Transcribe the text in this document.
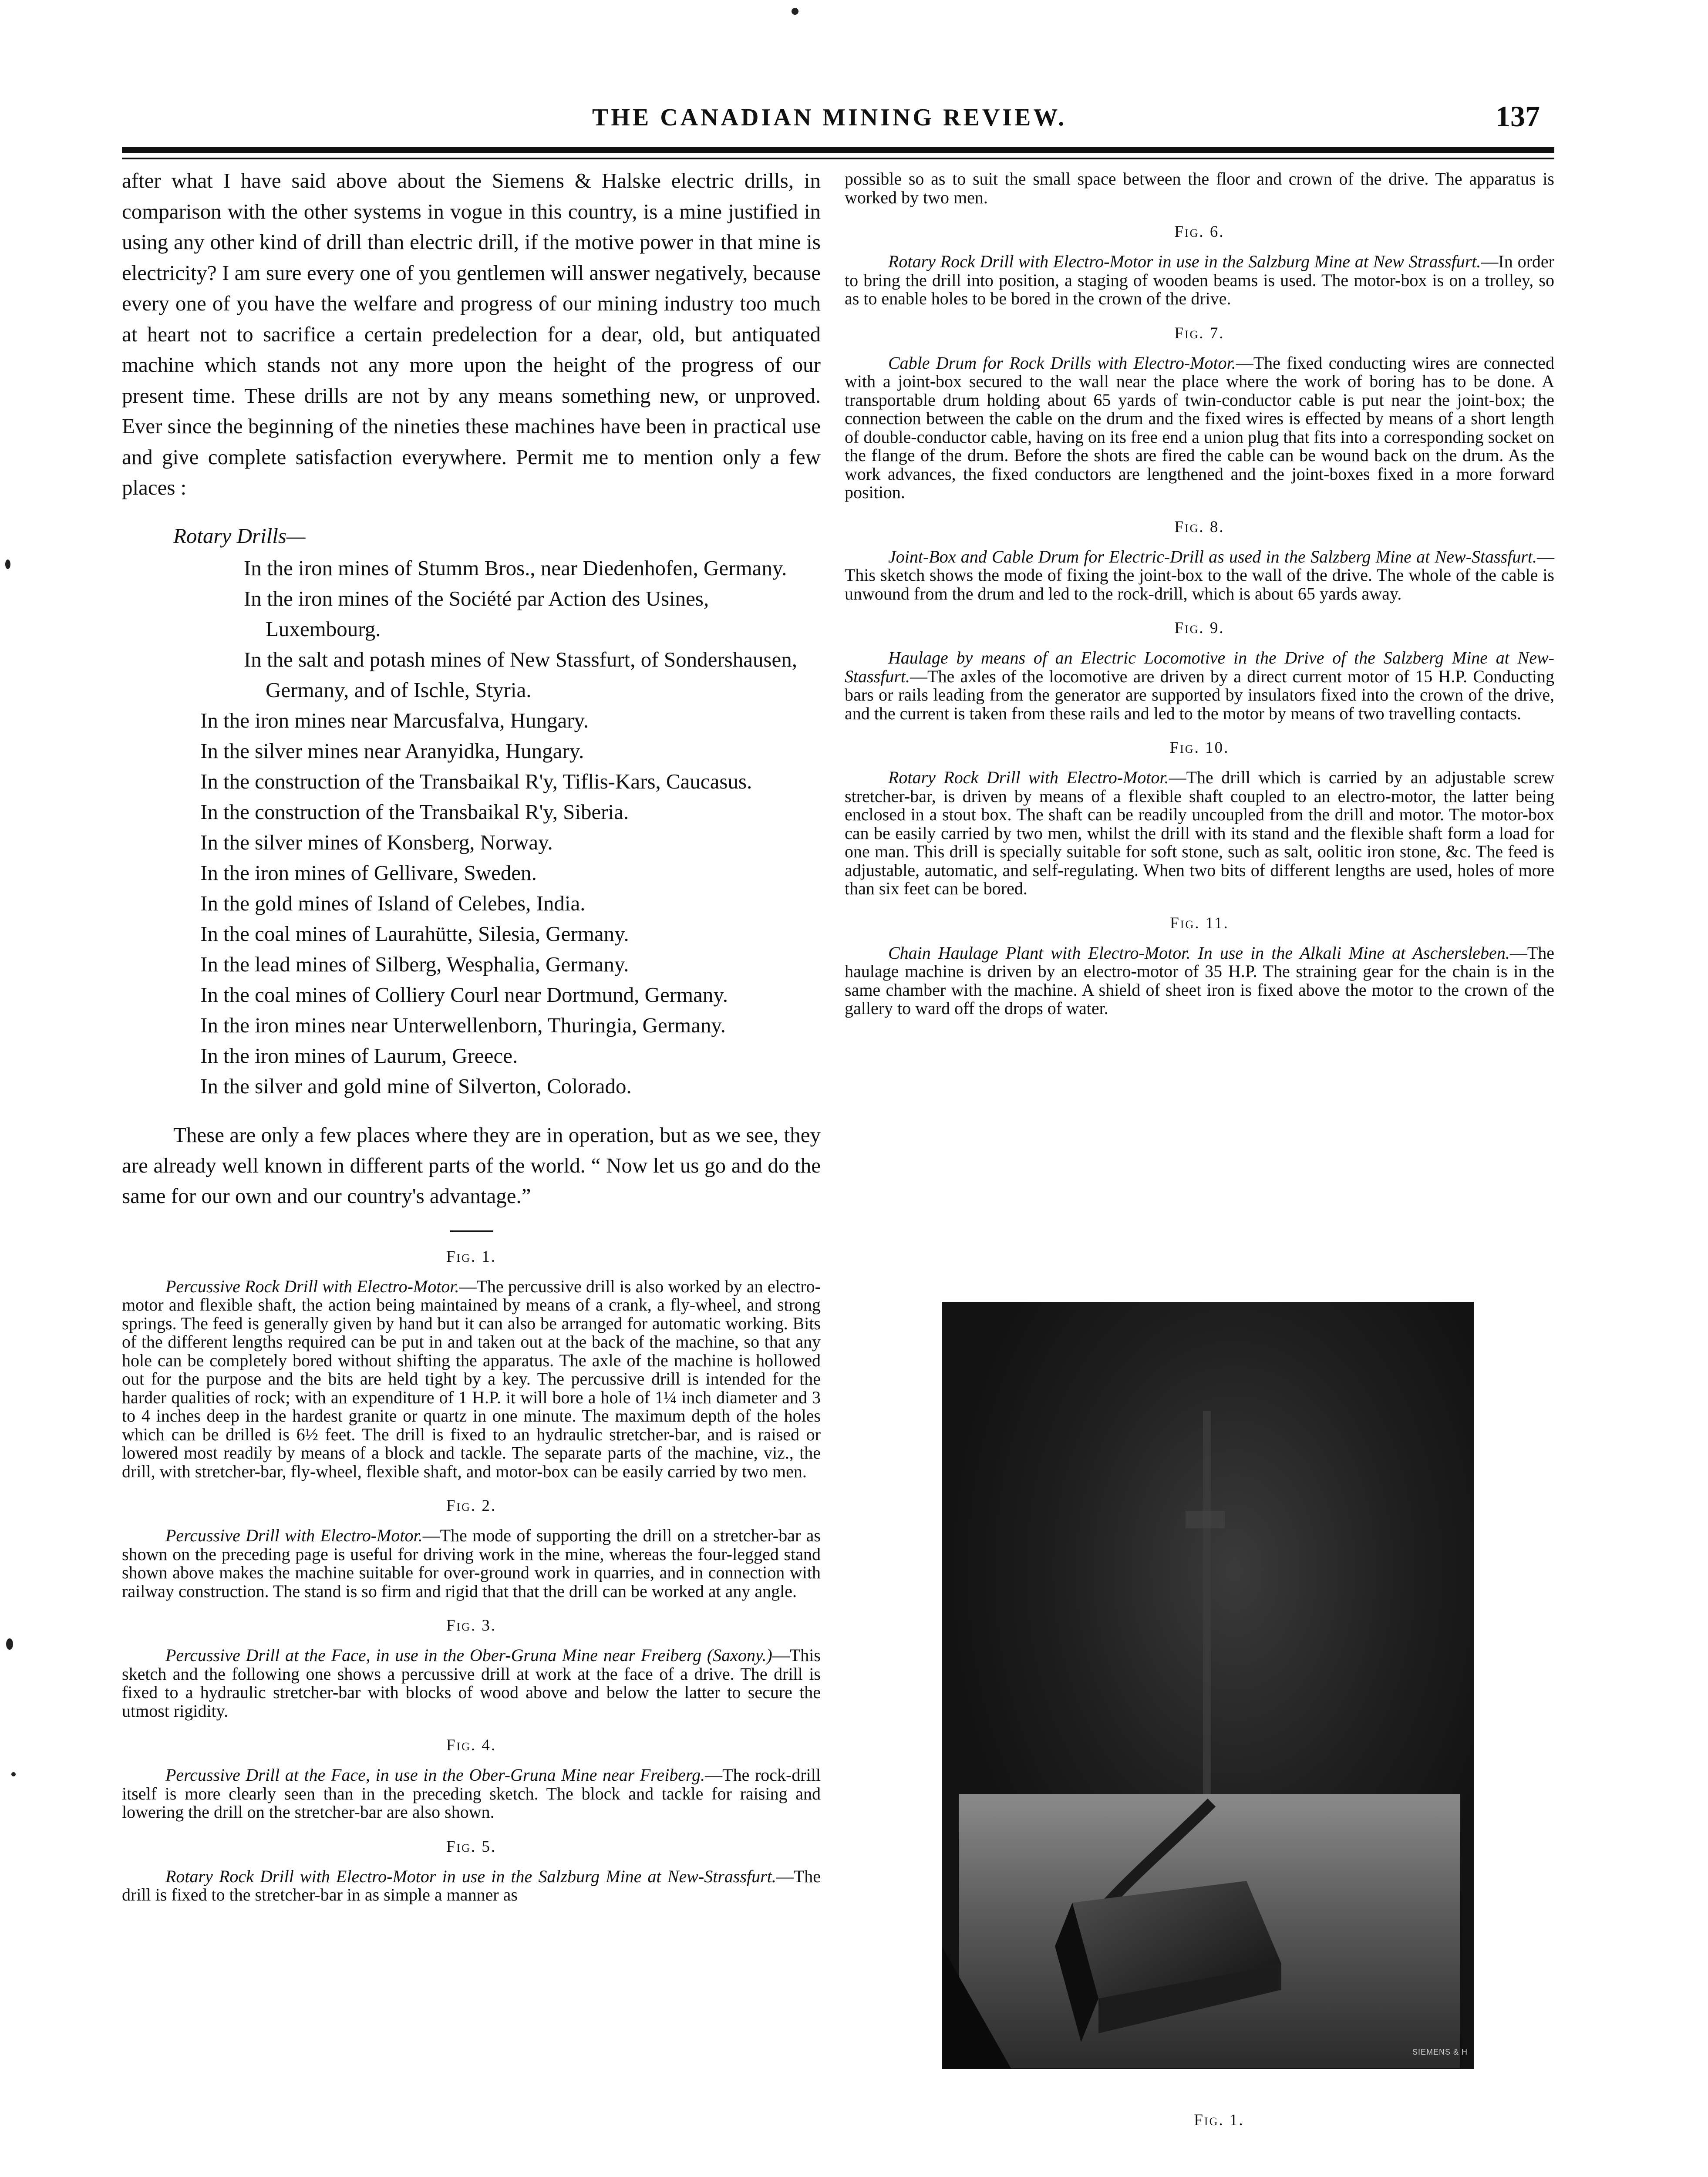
THE CANADIAN MINING REVIEW.	137

after what I have said above about the Siemens & Halske electric drills, in comparison with the other systems in vogue in this country, is a mine justified in using any other kind of drill than electric drill, if the motive power in that mine is electricity? I am sure every one of you gentlemen will answer negatively, because every one of you have the welfare and progress of our mining industry too much at heart not to sacrifice a certain predelection for a dear, old, but antiquated machine which stands not any more upon the height of the progress of our present time. These drills are not by any means something new, or unproved. Ever since the beginning of the nineties these machines have been in practical use and give complete satisfaction everywhere. Permit me to mention only a few places :

Rotary Drills—
In the iron mines of Stumm Bros., near Diedenhofen, Germany.
In the iron mines of the Société par Action des Usines, Luxembourg.
In the salt and potash mines of New Stassfurt, of Sondershausen, Germany, and of Ischle, Styria.
In the iron mines near Marcusfalva, Hungary.
In the silver mines near Aranyidka, Hungary.
In the construction of the Transbaikal R'y, Tiflis-Kars, Caucasus.
In the construction of the Transbaikal R'y, Siberia.
In the silver mines of Konsberg, Norway.
In the iron mines of Gellivare, Sweden.
In the gold mines of Island of Celebes, India.
In the coal mines of Laurahütte, Silesia, Germany.
In the lead mines of Silberg, Wesphalia, Germany.
In the coal mines of Colliery Courl near Dortmund, Germany.
In the iron mines near Unterwellenborn, Thuringia, Germany.
In the iron mines of Laurum, Greece.
In the silver and gold mine of Silverton, Colorado.

These are only a few places where they are in operation, but as we see, they are already well known in different parts of the world. “ Now let us go and do the same for our own and our country's advantage.”

Fig. 1.

Percussive Rock Drill with Electro-Motor.—The percussive drill is also worked by an electro-motor and flexible shaft, the action being maintained by means of a crank, a fly-wheel, and strong springs. The feed is generally given by hand but it can also be arranged for automatic working. Bits of the different lengths required can be put in and taken out at the back of the machine, so that any hole can be completely bored without shifting the apparatus. The axle of the machine is hollowed out for the purpose and the bits are held tight by a key. The percussive drill is intended for the harder qualities of rock; with an expenditure of 1 H.P. it will bore a hole of 1¼ inch diameter and 3 to 4 inches deep in the hardest granite or quartz in one minute. The maximum depth of the holes which can be drilled is 6½ feet. The drill is fixed to an hydraulic stretcher-bar, and is raised or lowered most readily by means of a block and tackle. The separate parts of the machine, viz., the drill, with stretcher-bar, fly-wheel, flexible shaft, and motor-box can be easily carried by two men.

Fig. 2.

Percussive Drill with Electro-Motor.—The mode of supporting the drill on a stretcher-bar as shown on the preceding page is useful for driving work in the mine, whereas the four-legged stand shown above makes the machine suitable for over-ground work in quarries, and in connection with railway construction. The stand is so firm and rigid that that the drill can be worked at any angle.

Fig. 3.

Percussive Drill at the Face, in use in the Ober-Gruna Mine near Freiberg (Saxony.)—This sketch and the following one shows a percussive drill at work at the face of a drive. The drill is fixed to a hydraulic stretcher-bar with blocks of wood above and below the latter to secure the utmost rigidity.

Fig. 4.

Percussive Drill at the Face, in use in the Ober-Gruna Mine near Freiberg.—The rock-drill itself is more clearly seen than in the preceding sketch. The block and tackle for raising and lowering the drill on the stretcher-bar are also shown.

Fig. 5.

Rotary Rock Drill with Electro-Motor in use in the Salzburg Mine at New-Strassfurt.—The drill is fixed to the stretcher-bar in as simple a manner as

possible so as to suit the small space between the floor and crown of the drive. The apparatus is worked by two men.

Fig. 6.

Rotary Rock Drill with Electro-Motor in use in the Salzburg Mine at New Strassfurt.—In order to bring the drill into position, a staging of wooden beams is used. The motor-box is on a trolley, so as to enable holes to be bored in the crown of the drive.

Fig. 7.

Cable Drum for Rock Drills with Electro-Motor.—The fixed conducting wires are connected with a joint-box secured to the wall near the place where the work of boring has to be done. A transportable drum holding about 65 yards of twin-conductor cable is put near the joint-box; the connection between the cable on the drum and the fixed wires is effected by means of a short length of double-conductor cable, having on its free end a union plug that fits into a corresponding socket on the flange of the drum. Before the shots are fired the cable can be wound back on the drum. As the work advances, the fixed conductors are lengthened and the joint-boxes fixed in a more forward position.

Fig. 8.

Joint-Box and Cable Drum for Electric-Drill as used in the Salzberg Mine at New-Stassfurt.—This sketch shows the mode of fixing the joint-box to the wall of the drive. The whole of the cable is unwound from the drum and led to the rock-drill, which is about 65 yards away.

Fig. 9.

Haulage by means of an Electric Locomotive in the Drive of the Salzberg Mine at New-Stassfurt.—The axles of the locomotive are driven by a direct current motor of 15 H.P. Conducting bars or rails leading from the generator are supported by insulators fixed into the crown of the drive, and the current is taken from these rails and led to the motor by means of two travelling contacts.

Fig. 10.

Rotary Rock Drill with Electro-Motor.—The drill which is carried by an adjustable screw stretcher-bar, is driven by means of a flexible shaft coupled to an electro-motor, the latter being enclosed in a stout box. The shaft can be readily uncoupled from the drill and motor. The motor-box can be easily carried by two men, whilst the drill with its stand and the flexible shaft form a load for one man. This drill is specially suitable for soft stone, such as salt, oolitic iron stone, &c. The feed is adjustable, automatic, and self-regulating. When two bits of different lengths are used, holes of more than six feet can be bored.

Fig. 11.

Chain Haulage Plant with Electro-Motor. In use in the Alkali Mine at Aschersleben.—The haulage machine is driven by an electro-motor of 35 H.P. The straining gear for the chain is in the same chamber with the machine. A shield of sheet iron is fixed above the motor to the crown of the gallery to ward off the drops of water.

SIEMENS & H
Fig. 1.
